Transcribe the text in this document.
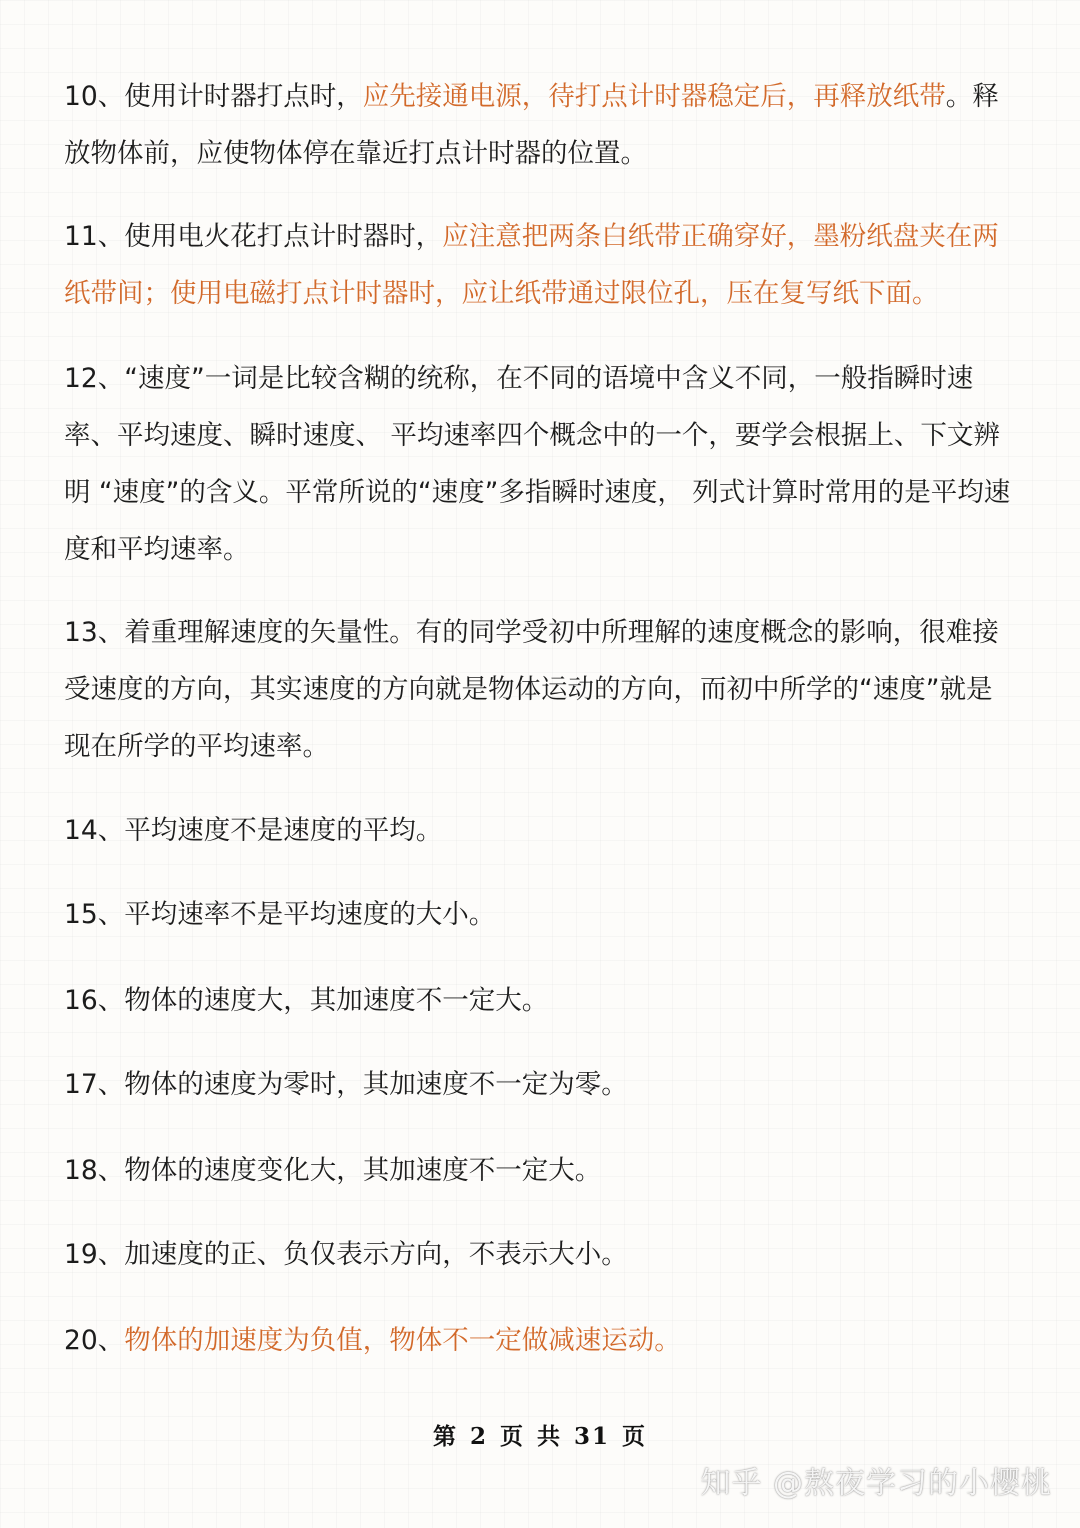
10、使用计时器打点时，应先接通电源，待打点计时器稳定后，再释放纸带。释放物体前，应使物体停在靠近打点计时器的位置。

11、使用电火花打点计时器时，应注意把两条白纸带正确穿好，墨粉纸盘夹在两纸带间；使用电磁打点计时器时，应让纸带通过限位孔，压在复写纸下面。

12、“速度”一词是比较含糊的统称，在不同的语境中含义不同，一般指瞬时速率、平均速度、瞬时速度、 平均速率四个概念中的一个，要学会根据上、下文辨明 “速度”的含义。平常所说的“速度”多指瞬时速度， 列式计算时常用的是平均速度和平均速率。

13、着重理解速度的矢量性。有的同学受初中所理解的速度概念的影响，很难接受速度的方向，其实速度的方向就是物体运动的方向，而初中所学的“速度”就是现在所学的平均速率。

14、平均速度不是速度的平均。

15、平均速率不是平均速度的大小。

16、物体的速度大，其加速度不一定大。

17、物体的速度为零时，其加速度不一定为零。

18、物体的速度变化大，其加速度不一定大。

19、加速度的正、负仅表示方向，不表示大小。

20、物体的加速度为负值，物体不一定做减速运动。

第 2 页 共 31 页
知乎 @熬夜学习的小樱桃
